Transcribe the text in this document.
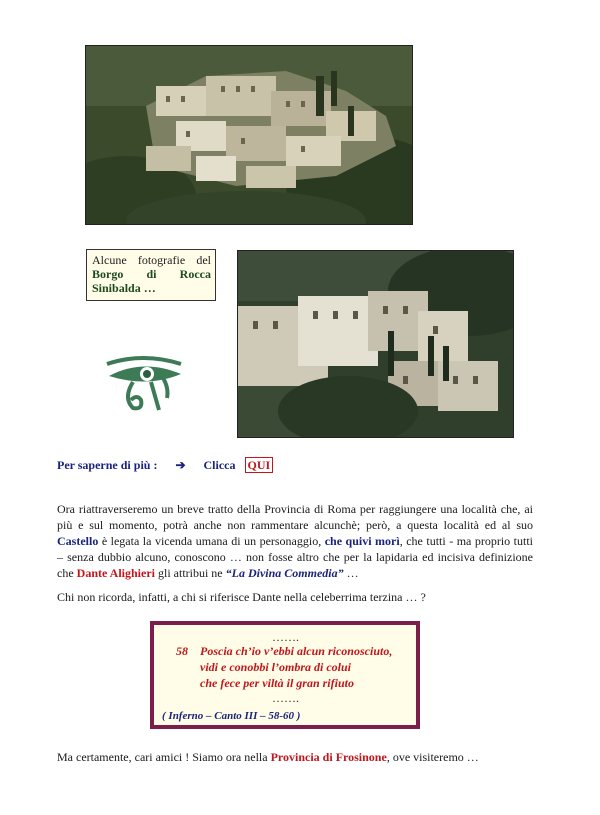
Alcune fotografie del Borgo di Rocca Sinibalda …
Per saperne di più : ➔ Clicca QUI
Ora riattraverseremo un breve tratto della Provincia di Roma per raggiungere una località che, ai più e sul momento, potrà anche non rammentare alcunchè; però, a questa località ed al suo Castello è legata la vicenda umana di un personaggio, che quivi morì, che tutti - ma proprio tutti – senza dubbio alcuno, conoscono … non fosse altro che per la lapidaria ed incisiva definizione che Dante Alighieri gli attribui ne “La Divina Commedia” …
Chi non ricorda, infatti, a chi si riferisce Dante nella celeberrima terzina … ?
…….
58 Poscia ch’io v’ebbi alcun riconosciuto,
vidi e conobbi l’ombra di colui
che fece per viltà il gran rifiuto
…….
( Inferno – Canto III – 58-60 )
Ma certamente, cari amici ! Siamo ora nella Provincia di Frosinone, ove visiteremo …
